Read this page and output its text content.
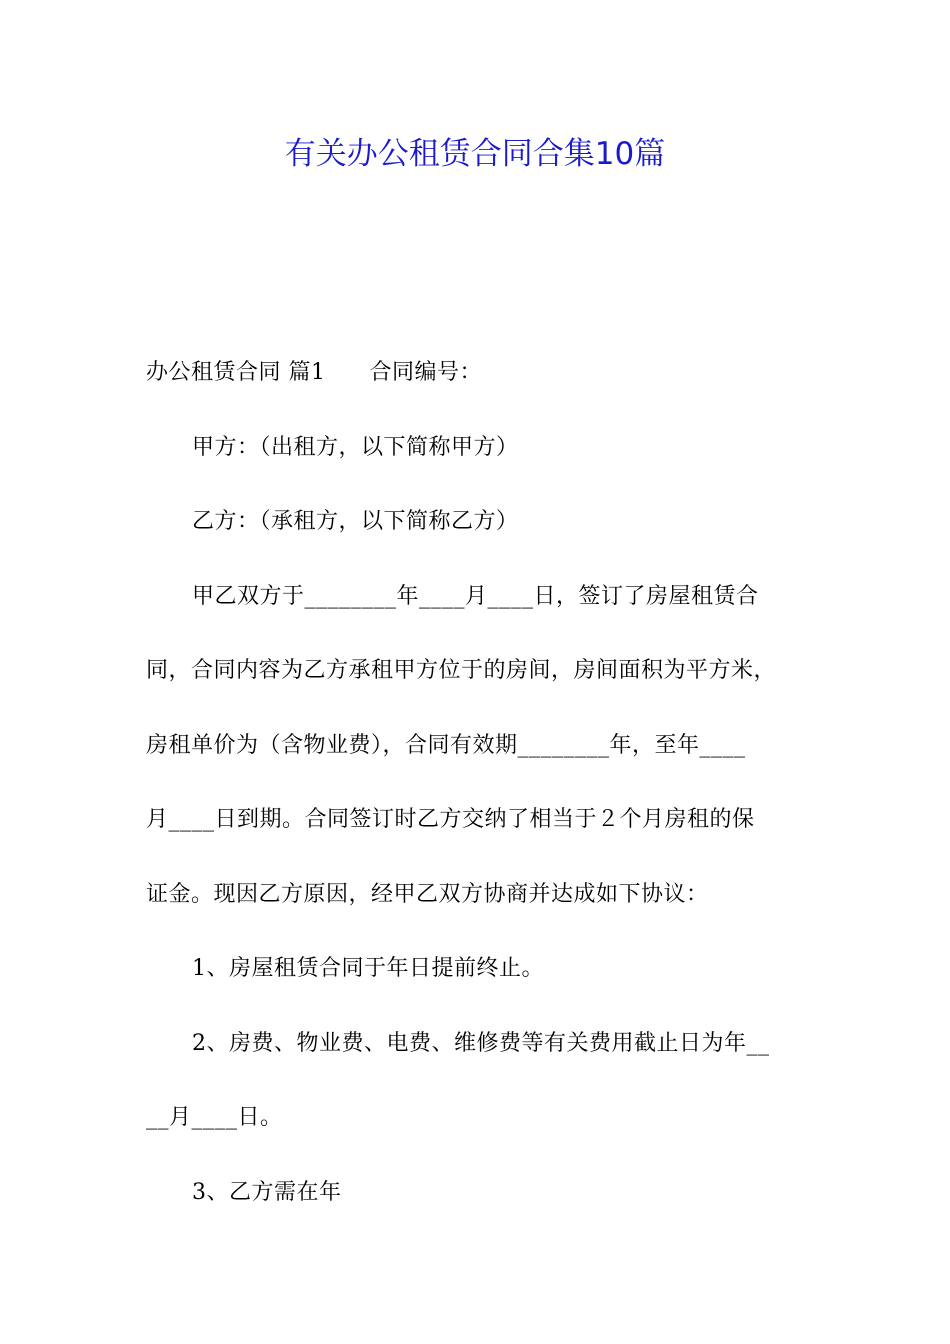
有关办公租赁合同合集10篇
办公租赁合同 篇1 合同编号：
甲方：（出租方，以下简称甲方）
乙方：（承租方，以下简称乙方）
甲乙双方于________年____月____日，签订了房屋租赁合
同，合同内容为乙方承租甲方位于的房间，房间面积为平方米，
房租单价为（含物业费），合同有效期________年，至年____
月____日到期。合同签订时乙方交纳了相当于２个月房租的保
证金。现因乙方原因，经甲乙双方协商并达成如下协议：
1、房屋租赁合同于年日提前终止。
2、房费、物业费、电费、维修费等有关费用截止日为年__
__月____日。
3、乙方需在年
